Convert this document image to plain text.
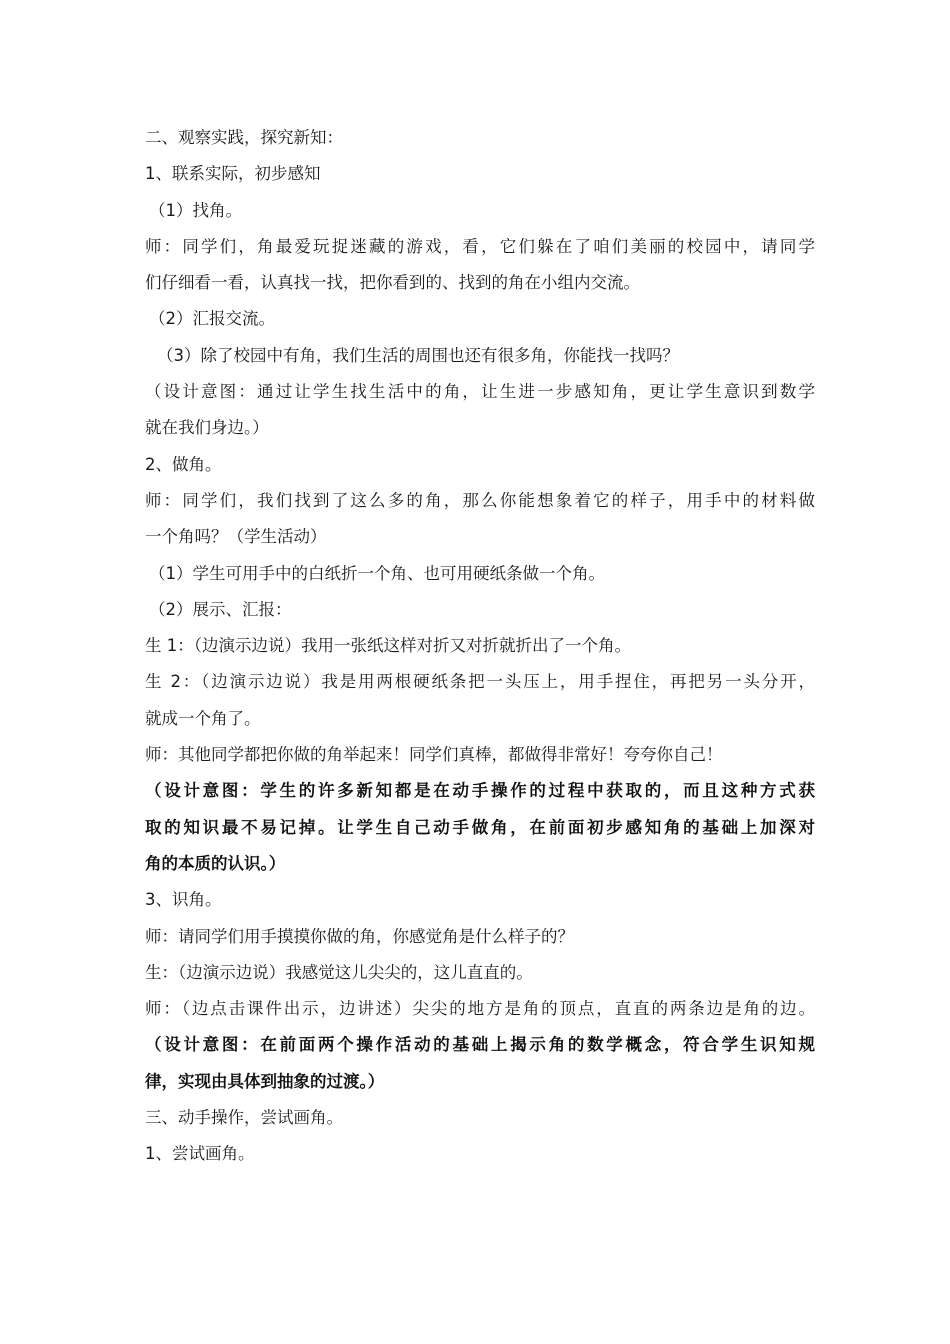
二、观察实践，探究新知：
1、联系实际，初步感知
（1）找角。
师：同学们，角最爱玩捉迷藏的游戏，看，它们躲在了咱们美丽的校园中，请同学
们仔细看一看，认真找一找，把你看到的、找到的角在小组内交流。
（2）汇报交流。
（3）除了校园中有角，我们生活的周围也还有很多角，你能找一找吗？
（设计意图：通过让学生找生活中的角，让生进一步感知角，更让学生意识到数学
就在我们身边。）
2、做角。
师：同学们，我们找到了这么多的角，那么你能想象着它的样子，用手中的材料做
一个角吗？（学生活动）
（1）学生可用手中的白纸折一个角、也可用硬纸条做一个角。
（2）展示、汇报：
生 1：（边演示边说）我用一张纸这样对折又对折就折出了一个角。
生 2：（边演示边说）我是用两根硬纸条把一头压上，用手捏住，再把另一头分开，
就成一个角了。
师：其他同学都把你做的角举起来！同学们真棒，都做得非常好！夸夸你自己！
（设计意图：学生的许多新知都是在动手操作的过程中获取的，而且这种方式获
取的知识最不易记掉。让学生自己动手做角，在前面初步感知角的基础上加深对
角的本质的认识。）
3、识角。
师：请同学们用手摸摸你做的角，你感觉角是什么样子的？
生：（边演示边说）我感觉这儿尖尖的，这儿直直的。
师：（边点击课件出示，边讲述）尖尖的地方是角的顶点，直直的两条边是角的边。
（设计意图：在前面两个操作活动的基础上揭示角的数学概念，符合学生识知规
律，实现由具体到抽象的过渡。）
三、动手操作，尝试画角。
1、尝试画角。
